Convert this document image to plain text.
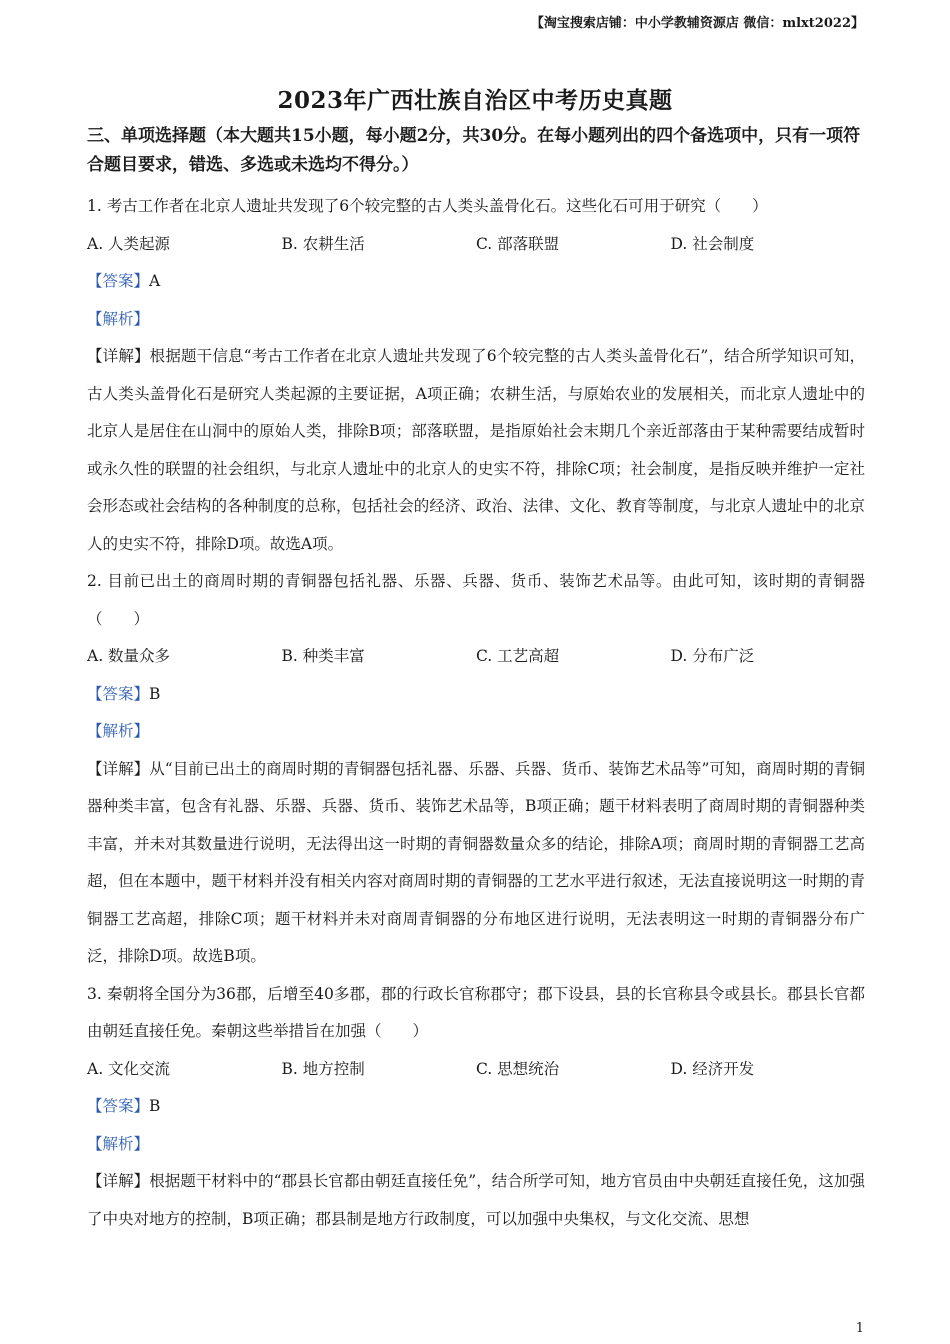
【淘宝搜索店铺：中小学教辅资源店 微信：mlxt2022】
2023年广西壮族自治区中考历史真题
三、单项选择题（本大题共15小题，每小题2分，共30分。在每小题列出的四个备选项中，只有一项符合题目要求，错选、多选或未选均不得分。）
1. 考古工作者在北京人遗址共发现了6个较完整的古人类头盖骨化石。这些化石可用于研究（　　）
A. 人类起源	B. 农耕生活	C. 部落联盟	D. 社会制度
【答案】A
【解析】
【详解】根据题干信息“考古工作者在北京人遗址共发现了6个较完整的古人类头盖骨化石”，结合所学知识可知，古人类头盖骨化石是研究人类起源的主要证据，A项正确；农耕生活，与原始农业的发展相关，而北京人遗址中的北京人是居住在山洞中的原始人类，排除B项；部落联盟，是指原始社会末期几个亲近部落由于某种需要结成暂时或永久性的联盟的社会组织，与北京人遗址中的北京人的史实不符，排除C项；社会制度，是指反映并维护一定社会形态或社会结构的各种制度的总称，包括社会的经济、政治、法律、文化、教育等制度，与北京人遗址中的北京人的史实不符，排除D项。故选A项。
2. 目前已出土的商周时期的青铜器包括礼器、乐器、兵器、货币、装饰艺术品等。由此可知，该时期的青铜器（　　）
A. 数量众多	B. 种类丰富	C. 工艺高超	D. 分布广泛
【答案】B
【解析】
【详解】从“目前已出土的商周时期的青铜器包括礼器、乐器、兵器、货币、装饰艺术品等”可知，商周时期的青铜器种类丰富，包含有礼器、乐器、兵器、货币、装饰艺术品等，B项正确；题干材料表明了商周时期的青铜器种类丰富，并未对其数量进行说明，无法得出这一时期的青铜器数量众多的结论，排除A项；商周时期的青铜器工艺高超，但在本题中，题干材料并没有相关内容对商周时期的青铜器的工艺水平进行叙述，无法直接说明这一时期的青铜器工艺高超，排除C项；题干材料并未对商周青铜器的分布地区进行说明，无法表明这一时期的青铜器分布广泛，排除D项。故选B项。
3. 秦朝将全国分为36郡，后增至40多郡，郡的行政长官称郡守；郡下设县，县的长官称县令或县长。郡县长官都由朝廷直接任免。秦朝这些举措旨在加强（　　）
A. 文化交流	B. 地方控制	C. 思想统治	D. 经济开发
【答案】B
【解析】
【详解】根据题干材料中的“郡县长官都由朝廷直接任免”，结合所学可知，地方官员由中央朝廷直接任免，这加强了中央对地方的控制，B项正确；郡县制是地方行政制度，可以加强中央集权，与文化交流、思想
1
